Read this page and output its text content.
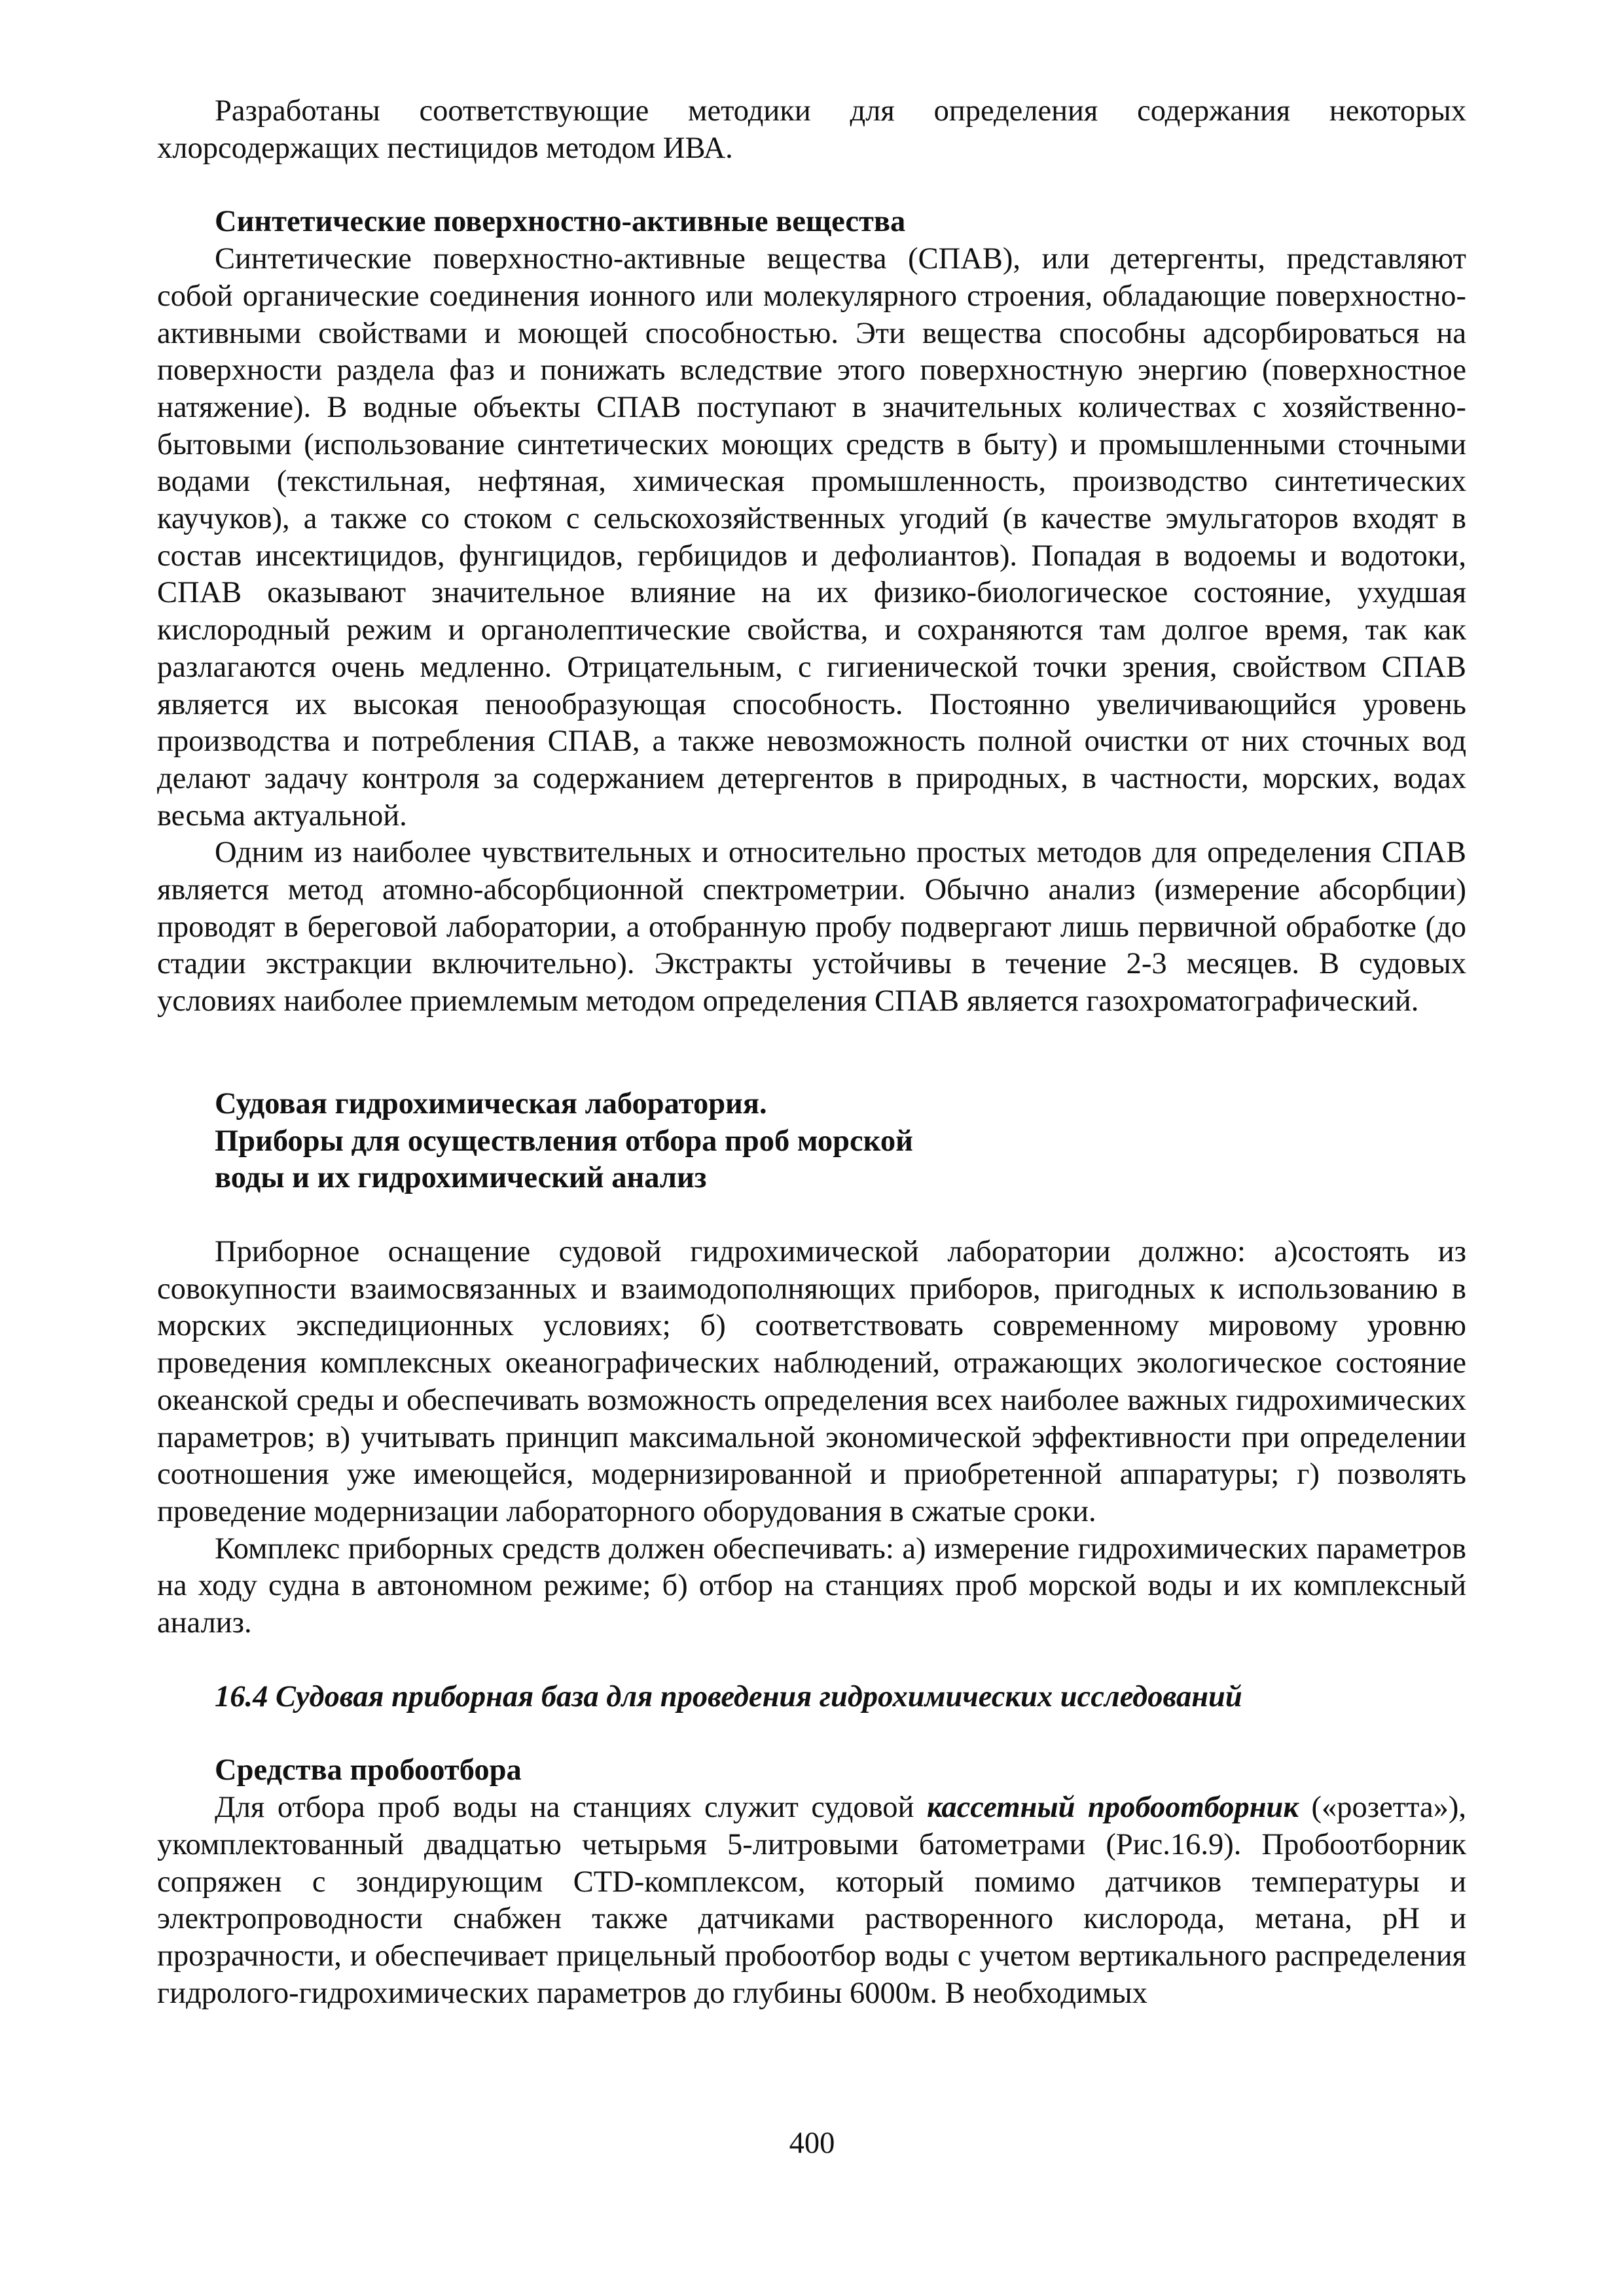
Разработаны соответствующие методики для определения содержания некоторых хлорсодержащих пестицидов методом ИВА.

Синтетические поверхностно-активные вещества

Синтетические поверхностно-активные вещества (СПАВ), или детергенты, представляют собой органические соединения ионного или молекулярного строения, обладающие поверхностно-активными свойствами и моющей способностью. Эти вещества способны адсорбироваться на поверхности раздела фаз и понижать вследствие этого поверхностную энергию (поверхностное натяжение). В водные объекты СПАВ поступают в значительных количествах с хозяйственно-бытовыми (использование синтетических моющих средств в быту) и промышленными сточными водами (текстильная, нефтяная, химическая промышленность, производство синтетических каучуков), а также со стоком с сельскохозяйственных угодий (в качестве эмульгаторов входят в состав инсектицидов, фунгицидов, гербицидов и дефолиантов). Попадая в водоемы и водотоки, СПАВ оказывают значительное влияние на их физико-биологическое состояние, ухудшая кислородный режим и органолептические свойства, и сохраняются там долгое время, так как разлагаются очень медленно. Отрицательным, с гигиенической точки зрения, свойством СПАВ является их высокая пенообразующая способность. Постоянно увеличивающийся уровень производства и потребления СПАВ, а также невозможность полной очистки от них сточных вод делают задачу контроля за содержанием детергентов в природных, в частности, морских, водах весьма актуальной.

Одним из наиболее чувствительных и относительно простых методов для определения СПАВ является метод атомно-абсорбционной спектрометрии. Обычно анализ (измерение абсорбции) проводят в береговой лаборатории, а отобранную пробу подвергают лишь первичной обработке (до стадии экстракции включительно). Экстракты устойчивы в течение 2-3 месяцев. В судовых условиях наиболее приемлемым методом определения СПАВ является газохроматографический.

Судовая гидрохимическая лаборатория.
Приборы для осуществления отбора проб морской
воды и их гидрохимический анализ

Приборное оснащение судовой гидрохимической лаборатории должно: а)состоять из совокупности взаимосвязанных и взаимодополняющих приборов, пригодных к использованию в морских экспедиционных условиях; б) соответствовать современному мировому уровню проведения комплексных океанографических наблюдений, отражающих экологическое состояние океанской среды и обеспечивать возможность определения всех наиболее важных гидрохимических параметров; в) учитывать принцип максимальной экономической эффективности при определении соотношения уже имеющейся, модернизированной и приобретенной аппаратуры; г) позволять проведение модернизации лабораторного оборудования в сжатые сроки.

Комплекс приборных средств должен обеспечивать: а) измерение гидрохимических параметров на ходу судна в автономном режиме; б) отбор на станциях проб морской воды и их комплексный анализ.

16.4 Судовая приборная база для проведения гидрохимических исследований
Средства пробоотбора

Для отбора проб воды на станциях служит судовой кассетный пробоотборник («розетта»), укомплектованный двадцатью четырьмя 5-литровыми батометрами (Рис.16.9). Пробоотборник сопряжен с зондирующим CTD-комплексом, который помимо датчиков температуры и электропроводности снабжен также датчиками растворенного кислорода, метана, pH и прозрачности, и обеспечивает прицельный пробоотбор воды с учетом вертикального распределения гидролого-гидрохимических параметров до глубины 6000м. В необходимых

400
